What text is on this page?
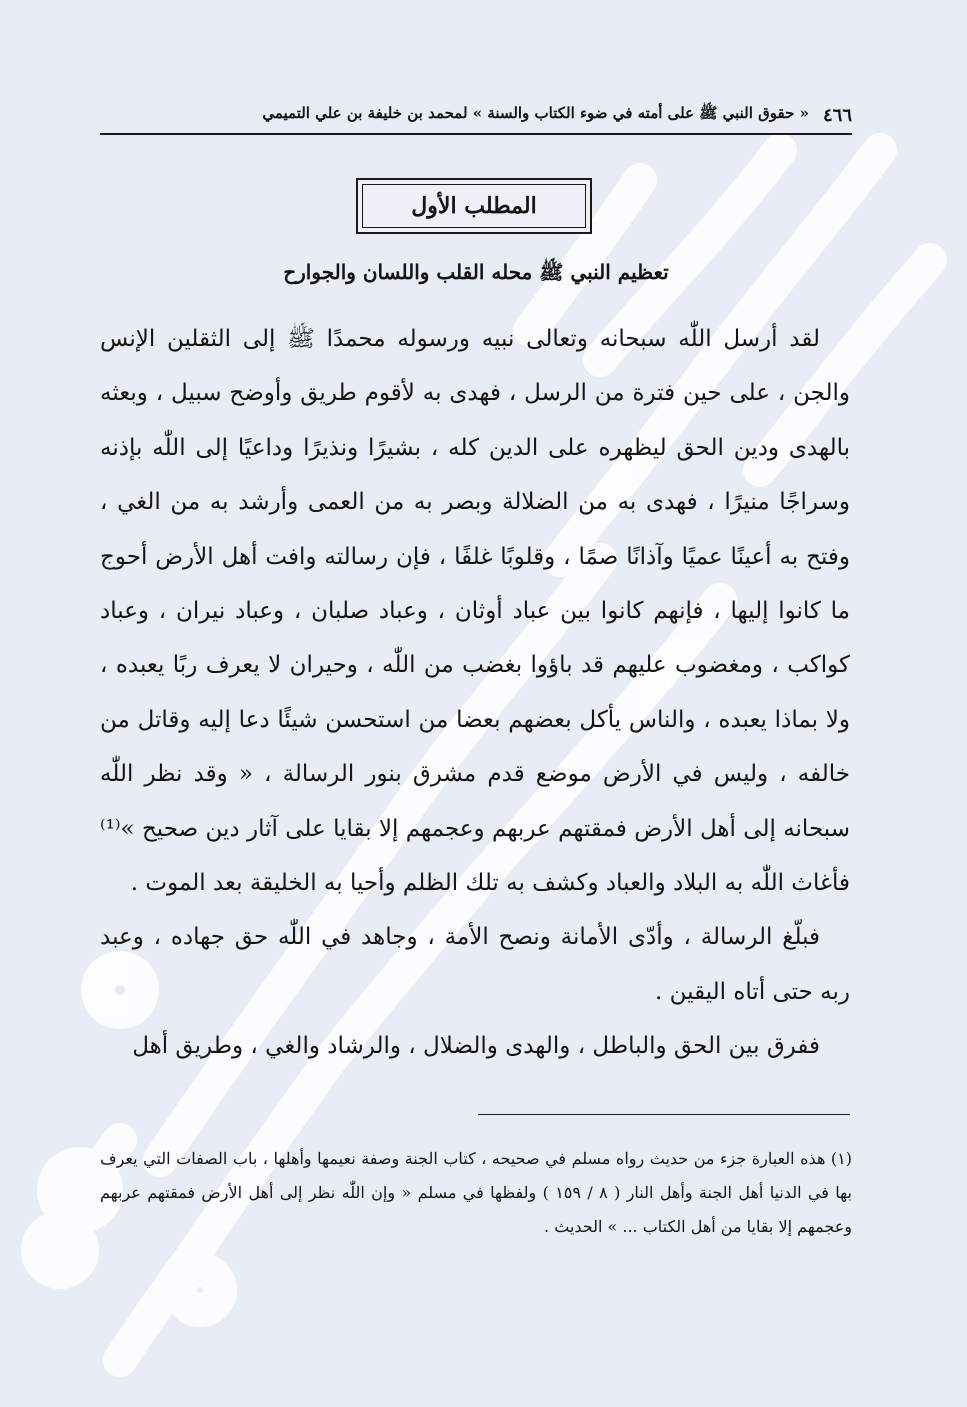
٤٦٦
« حقوق النبي ﷺ على أمته في ضوء الكتاب والسنة » لمحمد بن خليفة بن علي التميمي
المطلب الأول
تعظيم النبي ﷺ محله القلب واللسان والجوارح

لقد أرسل اللّٰه سبحانه وتعالى نبيه ورسوله محمدًا ﷺ إلى الثقلين الإنس والجن ، على حين فترة من الرسل ، فهدى به لأقوم طريق وأوضح سبيل ، وبعثه بالهدى ودين الحق ليظهره على الدين كله ، بشيرًا ونذيرًا وداعيًا إلى اللّٰه بإذنه وسراجًا منيرًا ، فهدى به من الضلالة وبصر به من العمى وأرشد به من الغي ، وفتح به أعينًا عميًا وآذانًا صمًا ، وقلوبًا غلفًا ، فإن رسالته وافت أهل الأرض أحوج ما كانوا إليها ، فإنهم كانوا بين عباد أوثان ، وعباد صلبان ، وعباد نيران ، وعباد كواكب ، ومغضوب عليهم قد باؤوا بغضب من اللّٰه ، وحيران لا يعرف ربًا يعبده ، ولا بماذا يعبده ، والناس يأكل بعضهم بعضا من استحسن شيئًا دعا إليه وقاتل من خالفه ، وليس في الأرض موضع قدم مشرق بنور الرسالة ، « وقد نظر اللّٰه سبحانه إلى أهل الأرض فمقتهم عربهم وعجمهم إلا بقايا على آثار دين صحيح »⁽¹⁾ فأغاث اللّٰه به البلاد والعباد وكشف به تلك الظلم وأحيا به الخليقة بعد الموت .

فبلّغ الرسالة ، وأدّى الأمانة ونصح الأمة ، وجاهد في اللّٰه حق جهاده ، وعبد ربه حتى أتاه اليقين .

ففرق بين الحق والباطل ، والهدى والضلال ، والرشاد والغي ، وطريق أهل

(١) هذه العبارة جزء من حديث رواه مسلم في صحيحه ، كتاب الجنة وصفة نعيمها وأهلها ، باب الصفات التي يعرف بها في الدنيا أهل الجنة وأهل النار ( ٨ / ١٥٩ ) ولفظها في مسلم « وإن اللّٰه نظر إلى أهل الأرض فمقتهم عربهم وعجمهم إلا بقايا من أهل الكتاب ... » الحديث .
